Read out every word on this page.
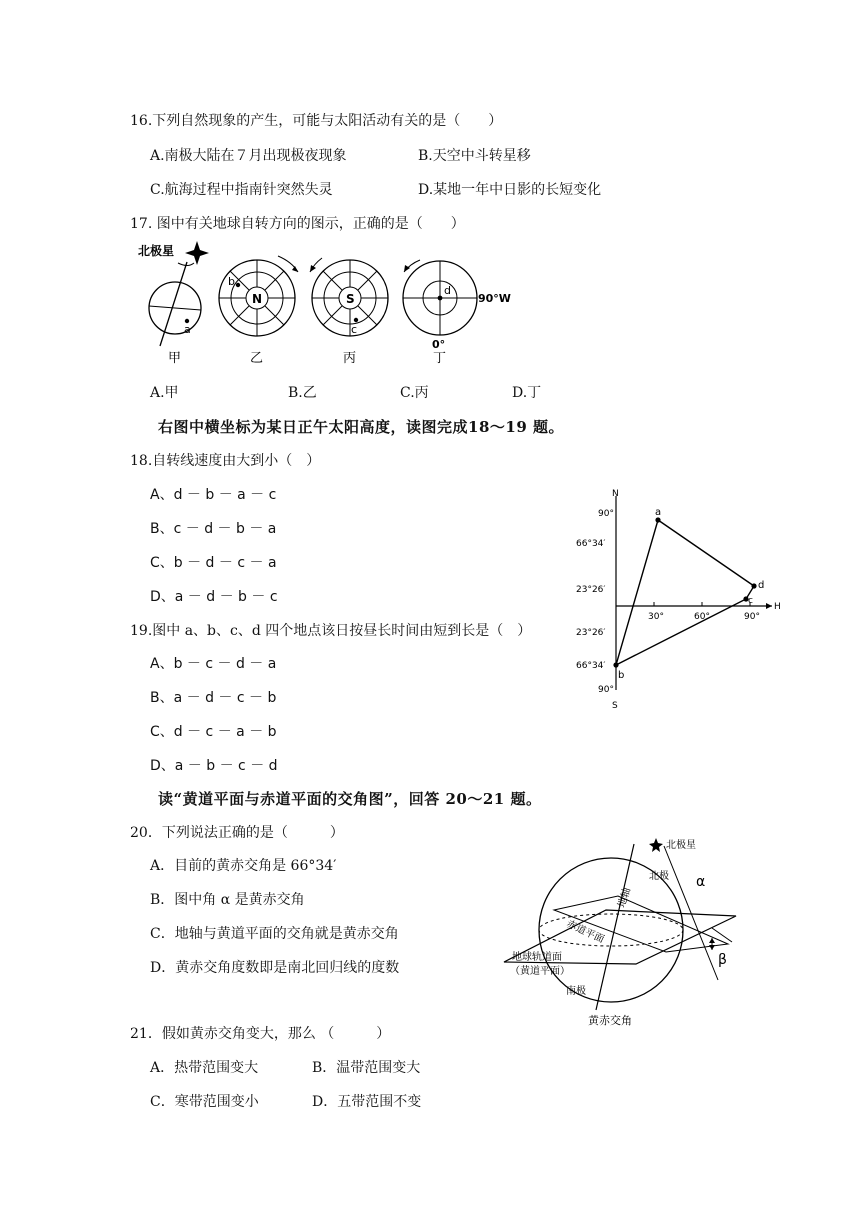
16.下列自然现象的产生，可能与太阳活动有关的是（　　）
A.南极大陆在７月出现极夜现象	B.天空中斗转星移
C.航海过程中指南针突然失灵	D.某地一年中日影的长短变化
17. 图中有关地球自转方向的图示，正确的是（　　）
北极星
a
N
b
S
c
d
90°W
0°
甲	乙	丙	丁
A.甲	B.乙	C.丙	D.丁
右图中横坐标为某日正午太阳高度，读图完成18～19 题。
18.自转线速度由大到小（　）
A、d － b － a － c
B、c － d － b － a
C、b － d － c － a
D、a － d － b － c
19.图中 a、b、c、d 四个地点该日按昼长时间由短到长是（　）
A、b － c － d － a
B、a － d － c － b
C、d － c － a － b
D、a － b － c － d
N
90°
66°34′
23°26′
23°26′
66°34′
90°
S
30°	60°	90°
H
a
d
c
b
读“黄道平面与赤道平面的交角图”，回答 20～21 题。
20．下列说法正确的是（　　　）
A．目前的黄赤交角是 66°34′
B．图中角 α 是黄赤交角
C．地轴与黄道平面的交角就是黄赤交角
D．黄赤交角度数即是南北回归线的度数
北极星
北极
地轴
赤道平面
地球轨道面
（黄道平面）
南极
黄赤交角
α
β
21．假如黄赤交角变大，那么 （　　　）
A．热带范围变大	B．温带范围变大
C．寒带范围变小	D．五带范围不变
